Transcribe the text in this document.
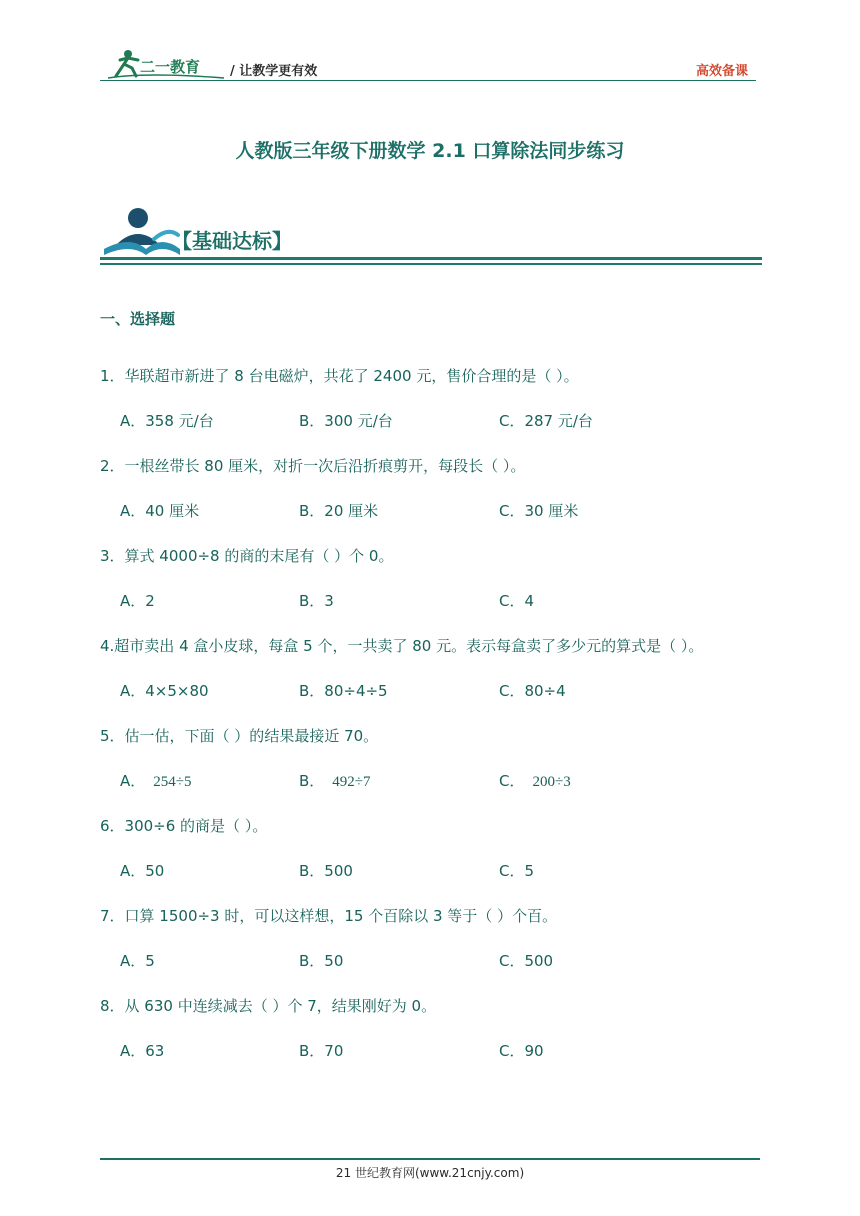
二一教育 / 让教学更有效	高效备课
人教版三年级下册数学 2.1 口算除法同步练习
【基础达标】
一、选择题
1．华联超市新进了 8 台电磁炉，共花了 2400 元，售价合理的是（ ）。
A．358 元/台	B．300 元/台	C．287 元/台
2．一根丝带长 80 厘米，对折一次后沿折痕剪开，每段长（ ）。
A．40 厘米	B．20 厘米	C．30 厘米
3．算式 4000÷8 的商的末尾有（ ）个 0。
A．2	B．3	C．4
4.超市卖出 4 盒小皮球，每盒 5 个，一共卖了 80 元。表示每盒卖了多少元的算式是（ ）。
A．4×5×80	B．80÷4÷5	C．80÷4
5．估一估，下面（ ）的结果最接近 70。
A． 254÷5	B． 492÷7	C． 200÷3
6．300÷6 的商是（ ）。
A．50	B．500	C．5
7．口算 1500÷3 时，可以这样想，15 个百除以 3 等于（ ）个百。
A．5	B．50	C．500
8．从 630 中连续减去（ ）个 7，结果刚好为 0。
A．63	B．70	C．90
21 世纪教育网(www.21cnjy.com)
